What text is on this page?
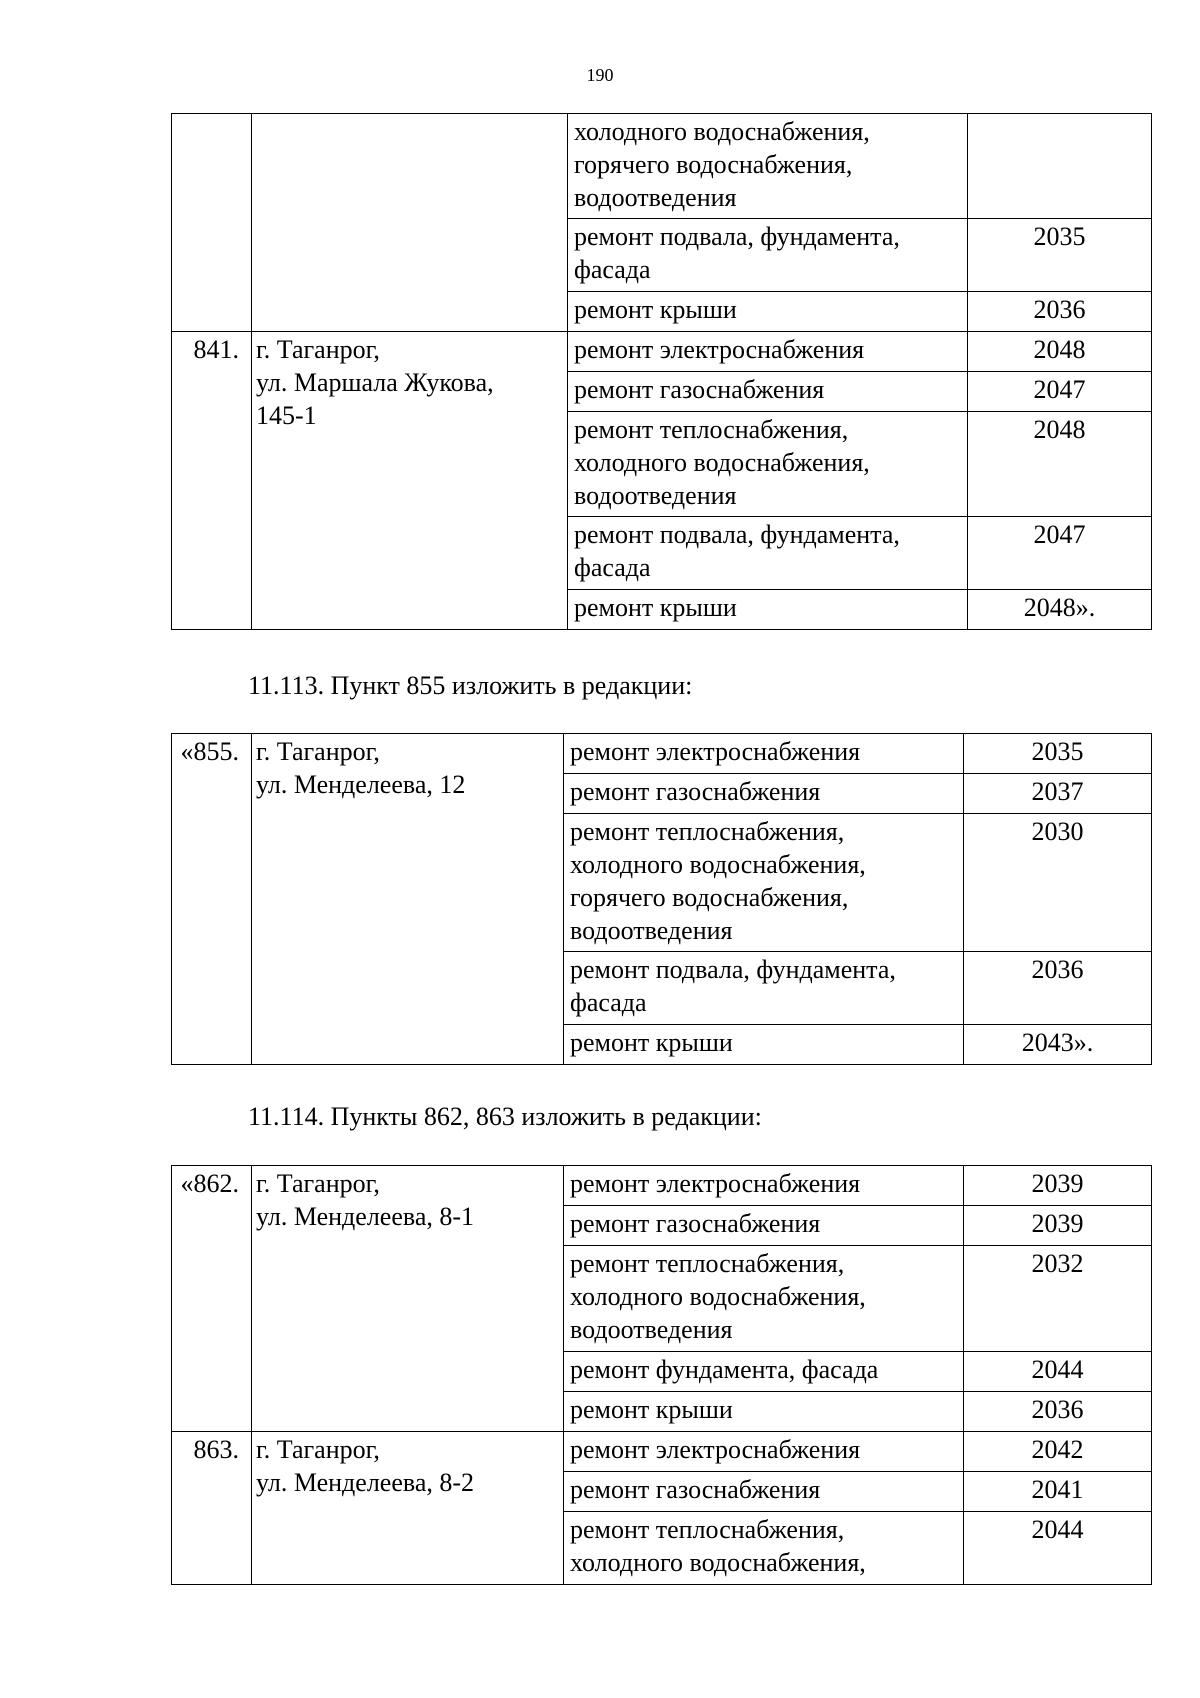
190
		холодного водоснабжения,
горячего водоснабжения,
водоотведения	
		ремонт подвала, фундамента,
фасада	2035
		ремонт крыши	2036
841.	г. Таганрог,
ул. Маршала Жукова,
145-1	ремонт электроснабжения	2048
		ремонт газоснабжения	2047
		ремонт теплоснабжения,
холодного водоснабжения,
водоотведения	2048
		ремонт подвала, фундамента,
фасада	2047
		ремонт крыши	2048».
11.113. Пункт 855 изложить в редакции:
«855.	г. Таганрог,
ул. Менделеева, 12	ремонт электроснабжения	2035
		ремонт газоснабжения	2037
		ремонт теплоснабжения,
холодного водоснабжения,
горячего водоснабжения,
водоотведения	2030
		ремонт подвала, фундамента,
фасада	2036
		ремонт крыши	2043».
11.114. Пункты 862, 863 изложить в редакции:
«862.	г. Таганрог,
ул. Менделеева, 8-1	ремонт электроснабжения	2039
		ремонт газоснабжения	2039
		ремонт теплоснабжения,
холодного водоснабжения,
водоотведения	2032
		ремонт фундамента, фасада	2044
		ремонт крыши	2036
863.	г. Таганрог,
ул. Менделеева, 8-2	ремонт электроснабжения	2042
		ремонт газоснабжения	2041
		ремонт теплоснабжения,
холодного водоснабжения,	2044
